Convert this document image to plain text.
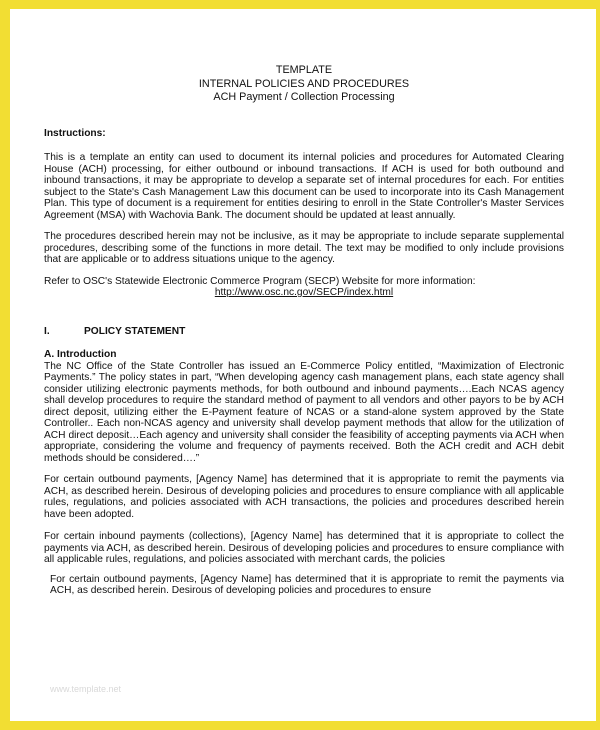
TEMPLATE
INTERNAL POLICIES AND PROCEDURES
ACH Payment / Collection Processing
Instructions:

This is a template an entity can used to document its internal policies and procedures for Automated Clearing House (ACH) processing, for either outbound or inbound transactions. If ACH is used for both outbound and inbound transactions, it may be appropriate to develop a separate set of internal procedures for each. For entities subject to the State's Cash Management Law this document can be used to incorporate into its Cash Management Plan. This type of document is a requirement for entities desiring to enroll in the State Controller's Master Services Agreement (MSA) with Wachovia Bank. The document should be updated at least annually.

The procedures described herein may not be inclusive, as it may be appropriate to include separate supplemental procedures, describing some of the functions in more detail. The text may be modified to only include provisions that are applicable or to address situations unique to the agency.

Refer to OSC's Statewide Electronic Commerce Program (SECP) Website for more information:
http://www.osc.nc.gov/SECP/index.html

I.	POLICY STATEMENT
A. Introduction

The NC Office of the State Controller has issued an E-Commerce Policy entitled, “Maximization of Electronic Payments.” The policy states in part, “When developing agency cash management plans, each state agency shall consider utilizing electronic payments methods, for both outbound and inbound payments….Each NCAS agency shall develop procedures to require the standard method of payment to all vendors and other payors to be by ACH direct deposit, utilizing either the E-Payment feature of NCAS or a stand-alone system approved by the State Controller.. Each non-NCAS agency and university shall develop payment methods that allow for the utilization of ACH direct deposit…Each agency and university shall consider the feasibility of accepting payments via ACH when appropriate, considering the volume and frequency of payments received. Both the ACH credit and ACH debit methods should be considered….”

For certain outbound payments, [Agency Name] has determined that it is appropriate to remit the payments via ACH, as described herein. Desirous of developing policies and procedures to ensure compliance with all applicable rules, regulations, and policies associated with ACH transactions, the policies and procedures described herein have been adopted.

For certain inbound payments (collections), [Agency Name] has determined that it is appropriate to collect the payments via ACH, as described herein. Desirous of developing policies and procedures to ensure compliance with all applicable rules, regulations, and policies associated with merchant cards, the policies

For certain outbound payments, [Agency Name] has determined that it is appropriate to remit the payments via ACH, as described herein. Desirous of developing policies and procedures to ensure

www.template.net
